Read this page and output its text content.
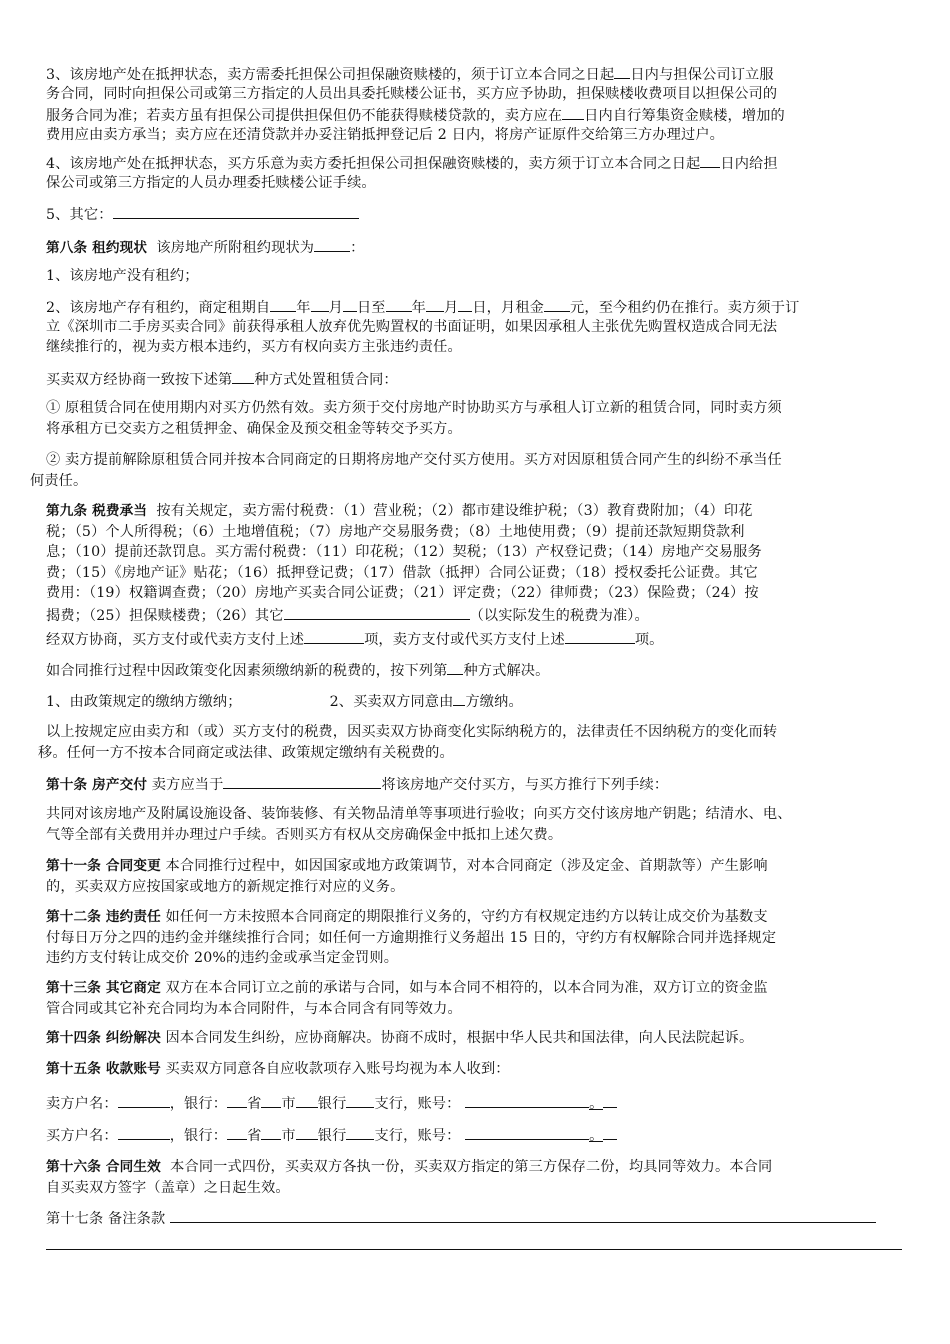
3、该房地产处在抵押状态，卖方需委托担保公司担保融资赎楼的，须于订立本合同之日起 日内与担保公司订立服
务合同，同时向担保公司或第三方指定的人员出具委托赎楼公证书，买方应予协助，担保赎楼收费项目以担保公司的
服务合同为准；若卖方虽有担保公司提供担保但仍不能获得赎楼贷款的，卖方应在 日内自行筹集资金赎楼，增加的
费用应由卖方承当；卖方应在还清贷款并办妥注销抵押登记后 2 日内，将房产证原件交给第三方办理过户。
4、该房地产处在抵押状态，买方乐意为卖方委托担保公司担保融资赎楼的，卖方须于订立本合同之日起 日内给担
保公司或第三方指定的人员办理委托赎楼公证手续。
5、其它：
第八条 租约现状 该房地产所附租约现状为	：
1、该房地产没有租约；
2、该房地产存有租约，商定租期自 年 月 日至 年 月 日，月租金 元，至今租约仍在推行。卖方须于订
立《深圳市二手房买卖合同》前获得承租人放弃优先购置权的书面证明，如果因承租人主张优先购置权造成合同无法
继续推行的，视为卖方根本违约，买方有权向卖方主张违约责任。
买卖双方经协商一致按下述第 种方式处置租赁合同：
① 原租赁合同在使用期内对买方仍然有效。卖方须于交付房地产时协助买方与承租人订立新的租赁合同，同时卖方须
将承租方已交卖方之租赁押金、确保金及预交租金等转交予买方。
② 卖方提前解除原租赁合同并按本合同商定的日期将房地产交付买方使用。买方对因原租赁合同产生的纠纷不承当任
何责任。
第九条 税费承当 按有关规定，卖方需付税费：（1）营业税；（2）都市建设维护税；（3）教育费附加；（4）印花
税；（5）个人所得税；（6）土地增值税；（7）房地产交易服务费；（8）土地使用费；（9）提前还款短期贷款利
息；（10）提前还款罚息。买方需付税费：（11）印花税；（12）契税；（13）产权登记费；（14）房地产交易服务
费；（15）《房地产证》贴花；（16）抵押登记费；（17）借款（抵押）合同公证费；（18）授权委托公证费。其它
费用：（19）权籍调查费；（20）房地产买卖合同公证费；（21）评定费；（22）律师费；（23）保险费；（24）按
揭费；（25）担保赎楼费；（26）其它	（以实际发生的税费为准）。
经双方协商，买方支付或代卖方支付上述	项，卖方支付或代买方支付上述	项。
如合同推行过程中因政策变化因素须缴纳新的税费的，按下列第 种方式解决。
1、由政策规定的缴纳方缴纳；	2、买卖双方同意由 方缴纳。
以上按规定应由卖方和（或）买方支付的税费，因买卖双方协商变化实际纳税方的，法律责任不因纳税方的变化而转
移。任何一方不按本合同商定或法律、政策规定缴纳有关税费的。
第十条 房产交付 卖方应当于	将该房地产交付买方，与买方推行下列手续：
共同对该房地产及附属设施设备、装饰装修、有关物品清单等事项进行验收；向买方交付该房地产钥匙；结清水、电、
气等全部有关费用并办理过户手续。否则买方有权从交房确保金中抵扣上述欠费。
第十一条 合同变更 本合同推行过程中，如因国家或地方政策调节，对本合同商定（涉及定金、首期款等）产生影响
的，买卖双方应按国家或地方的新规定推行对应的义务。
第十二条 违约责任 如任何一方未按照本合同商定的期限推行义务的，守约方有权规定违约方以转让成交价为基数支
付每日万分之四的违约金并继续推行合同；如任何一方逾期推行义务超出 15 日的，守约方有权解除合同并选择规定
违约方支付转让成交价 20%的违约金或承当定金罚则。
第十三条 其它商定 双方在本合同订立之前的承诺与合同，如与本合同不相符的，以本合同为准，双方订立的资金监
管合同或其它补充合同均为本合同附件，与本合同含有同等效力。
第十四条 纠纷解决 因本合同发生纠纷，应协商解决。协商不成时，根据中华人民共和国法律，向人民法院起诉。
第十五条 收款账号 买卖双方同意各自应收款项存入账号均视为本人收到：
卖方户名：	，银行： 省 市 银行 支行，账号：	。
买方户名：	，银行： 省 市 银行 支行，账号：	。
第十六条 合同生效 本合同一式四份，买卖双方各执一份，买卖双方指定的第三方保存二份，均具同等效力。本合同
自买卖双方签字（盖章）之日起生效。
第十七条 备注条款
